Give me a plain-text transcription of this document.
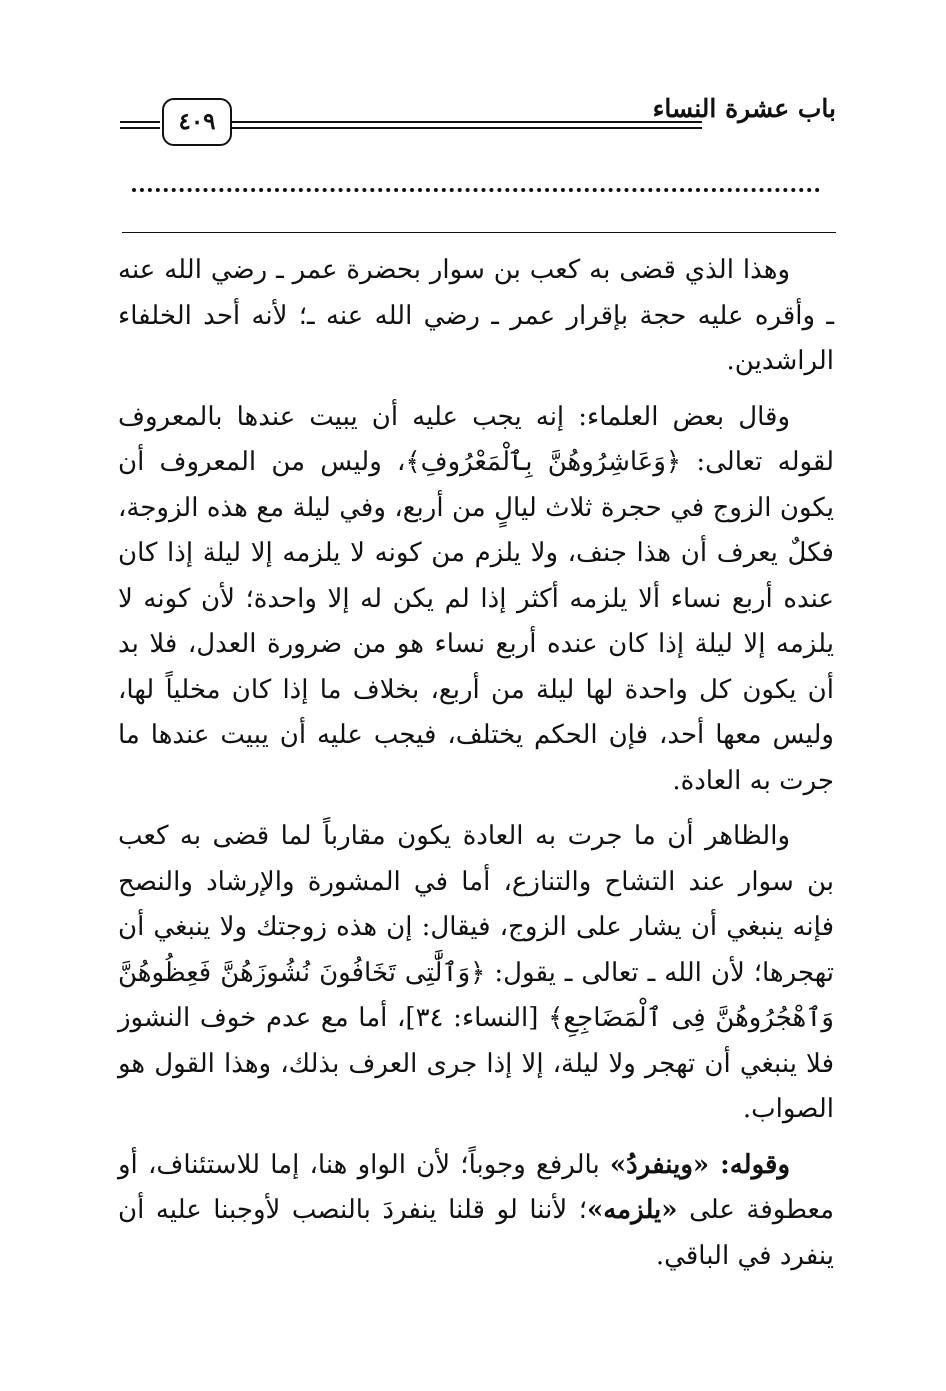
باب عشرة النساء
٤٠٩

وهذا الذي قضى به كعب بن سوار بحضرة عمر ـ رضي الله عنه ـ وأقره عليه حجة بإقرار عمر ـ رضي الله عنه ـ؛ لأنه أحد الخلفاء الراشدين.

وقال بعض العلماء: إنه يجب عليه أن يبيت عندها بالمعروف لقوله تعالى: ﴿وَعَاشِرُوهُنَّ بِٱلْمَعْرُوفِ﴾، وليس من المعروف أن يكون الزوج في حجرة ثلاث ليالٍ من أربع، وفي ليلة مع هذه الزوجة، فكلٌ يعرف أن هذا جنف، ولا يلزم من كونه لا يلزمه إلا ليلة إذا كان عنده أربع نساء ألا يلزمه أكثر إذا لم يكن له إلا واحدة؛ لأن كونه لا يلزمه إلا ليلة إذا كان عنده أربع نساء هو من ضرورة العدل، فلا بد أن يكون كل واحدة لها ليلة من أربع، بخلاف ما إذا كان مخلياً لها، وليس معها أحد، فإن الحكم يختلف، فيجب عليه أن يبيت عندها ما جرت به العادة.

والظاهر أن ما جرت به العادة يكون مقارباً لما قضى به كعب بن سوار عند التشاح والتنازع، أما في المشورة والإرشاد والنصح فإنه ينبغي أن يشار على الزوج، فيقال: إن هذه زوجتك ولا ينبغي أن تهجرها؛ لأن الله ـ تعالى ـ يقول: ﴿وَٱلَّٰتِى تَخَافُونَ نُشُوزَهُنَّ فَعِظُوهُنَّ وَٱهْجُرُوهُنَّ فِى ٱلْمَضَاجِعِ﴾ [النساء: ٣٤]، أما مع عدم خوف النشوز فلا ينبغي أن تهجر ولا ليلة، إلا إذا جرى العرف بذلك، وهذا القول هو الصواب.

وقوله: «وينفردُ» بالرفع وجوباً؛ لأن الواو هنا، إما للاستئناف، أو معطوفة على «يلزمه»؛ لأننا لو قلنا ينفردَ بالنصب لأوجبنا عليه أن ينفرد في الباقي.
